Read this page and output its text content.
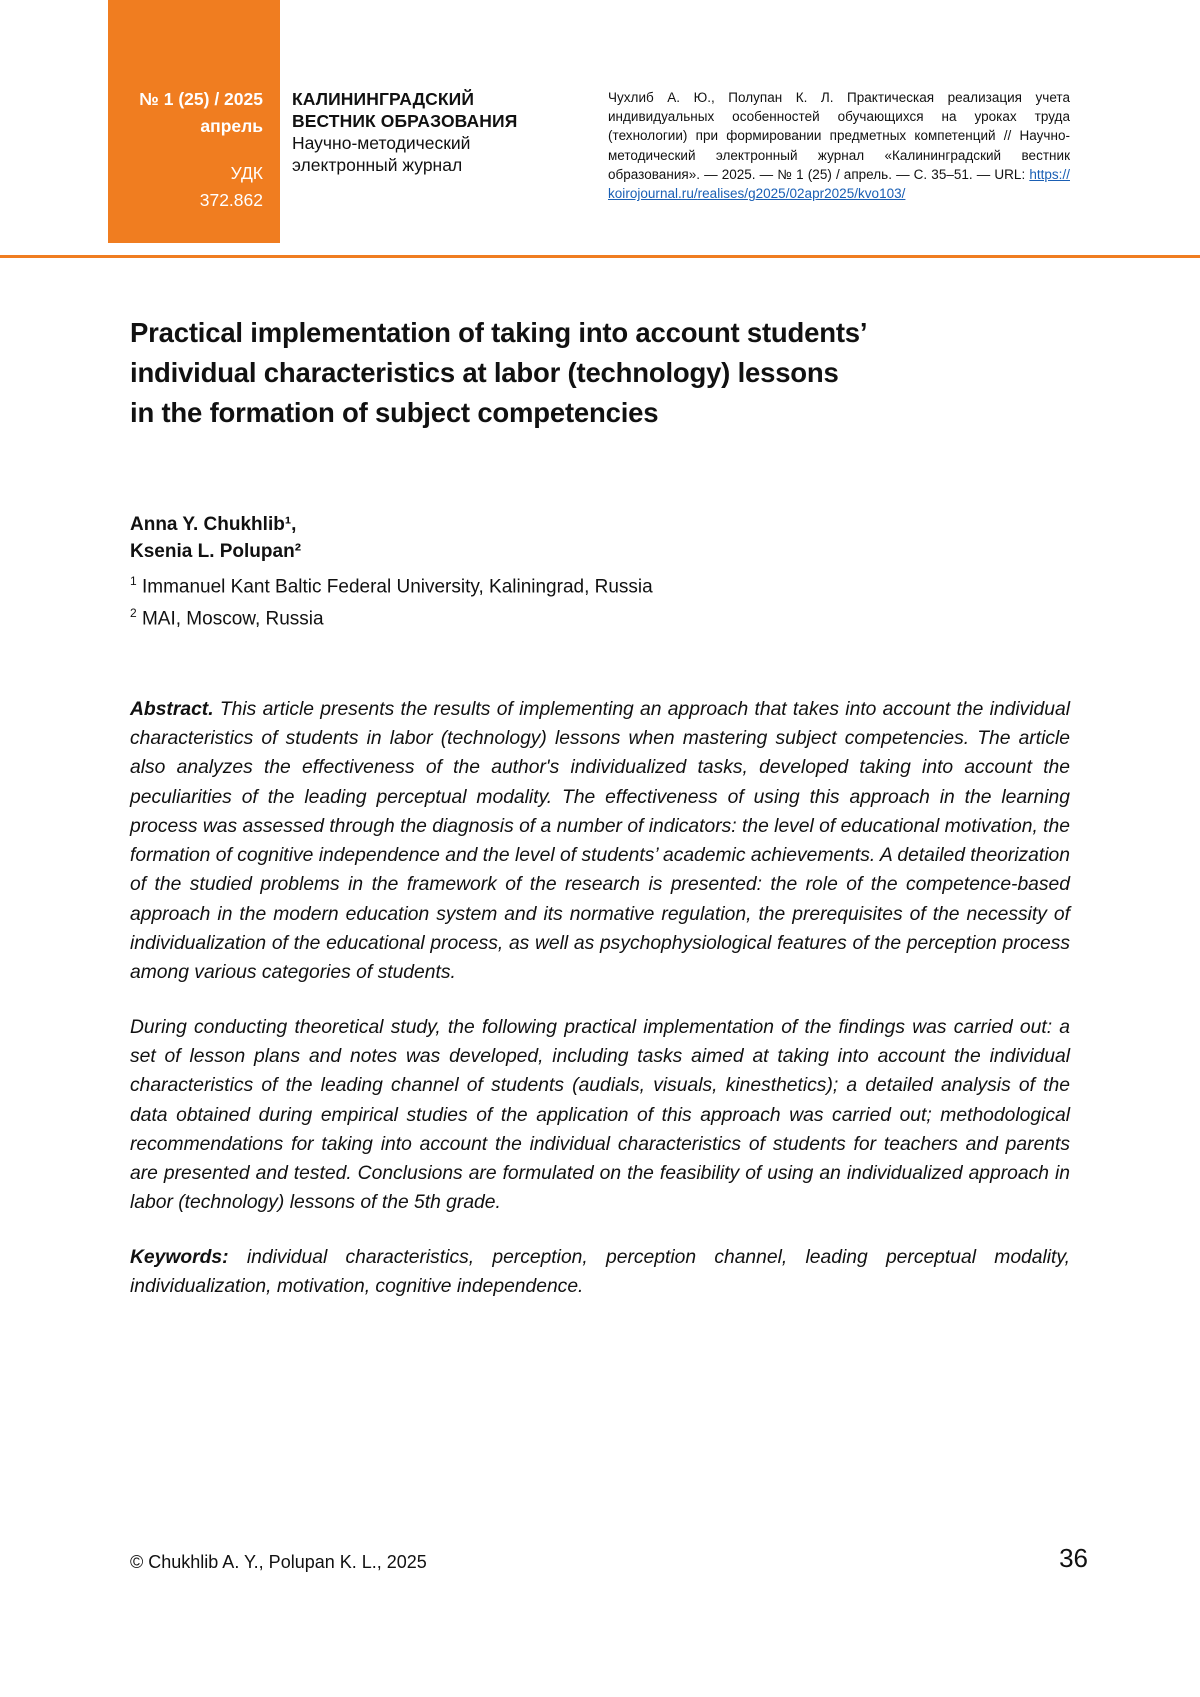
№ 1 (25) / 2025
апрель
УДК
372.862
КАЛИНИНГРАДСКИЙ
ВЕСТНИК ОБРАЗОВАНИЯ
Научно-методический
электронный журнал
Чухлиб А. Ю., Полупан К. Л. Практическая реализация учета индивидуальных особенностей обучающихся на уроках труда (технологии) при формировании предметных компетенций // Научно-методический электронный журнал «Калининградский вестник образования». — 2025. — № 1 (25) / апрель. — С. 35–51. — URL: https://koirojournal.ru/realises/g2025/02apr2025/kvo103/
Practical implementation of taking into account students’
individual characteristics at labor (technology) lessons
in the formation of subject competencies
Anna Y. Chukhlib¹,
Ksenia L. Polupan²
$^1$ Immanuel Kant Baltic Federal University, Kaliningrad, Russia
$^2$ MAI, Moscow, Russia
Abstract. This article presents the results of implementing an approach that takes into account the individual characteristics of students in labor (technology) lessons when mastering subject competencies. The article also analyzes the effectiveness of the author's individualized tasks, developed taking into account the peculiarities of the leading perceptual modality. The effectiveness of using this approach in the learning process was assessed through the diagnosis of a number of indicators: the level of educational motivation, the formation of cognitive independence and the level of students’ academic achievements. A detailed theorization of the studied problems in the framework of the research is presented: the role of the competence-based approach in the modern education system and its normative regulation, the prerequisites of the necessity of individualization of the educational process, as well as psychophysiological features of the perception process among various categories of students.
During conducting theoretical study, the following practical implementation of the findings was carried out: a set of lesson plans and notes was developed, including tasks aimed at taking into account the individual characteristics of the leading channel of students (audials, visuals, kinesthetics); a detailed analysis of the data obtained during empirical studies of the application of this approach was carried out; methodological recommendations for taking into account the individual characteristics of students for teachers and parents are presented and tested. Conclusions are formulated on the feasibility of using an individualized approach in labor (technology) lessons of the 5th grade.
Keywords: individual characteristics, perception, perception channel, leading perceptual modality, individualization, motivation, cognitive independence.
© Chukhlib A. Y., Polupan K. L., 2025	36
